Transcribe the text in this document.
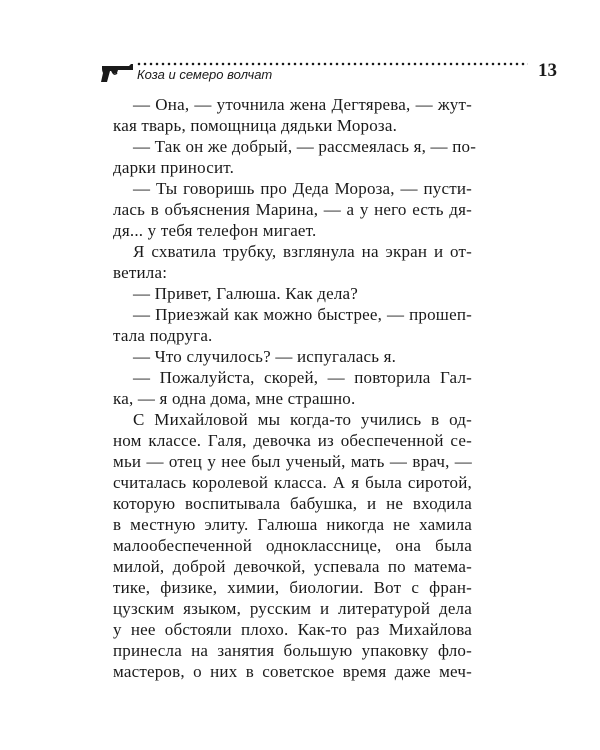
Коза и семеро волчат	13
— Она, — уточнила жена Дегтярева, — жут-
кая тварь, помощница дядьки Мороза.
— Так он же добрый, — рассмеялась я, — по-
дарки приносит.
— Ты говоришь про Деда Мороза, — пусти-
лась в объяснения Марина, — а у него есть дя-
дя... у тебя телефон мигает.
Я схватила трубку, взглянула на экран и от-
ветила:
— Привет, Галюша. Как дела?
— Приезжай как можно быстрее, — прошеп-
тала подруга.
— Что случилось? — испугалась я.
— Пожалуйста, скорей, — повторила Гал-
ка, — я одна дома, мне страшно.
С Михайловой мы когда-то учились в од-
ном классе. Галя, девочка из обеспеченной се-
мьи — отец у нее был ученый, мать — врач, —
считалась королевой класса. А я была сиротой,
которую воспитывала бабушка, и не входила
в местную элиту. Галюша никогда не хамила
малообеспеченной однокласснице, она была
милой, доброй девочкой, успевала по матема-
тике, физике, химии, биологии. Вот с фран-
цузским языком, русским и литературой дела
у нее обстояли плохо. Как-то раз Михайлова
принесла на занятия большую упаковку фло-
мастеров, о них в советское время даже меч-
